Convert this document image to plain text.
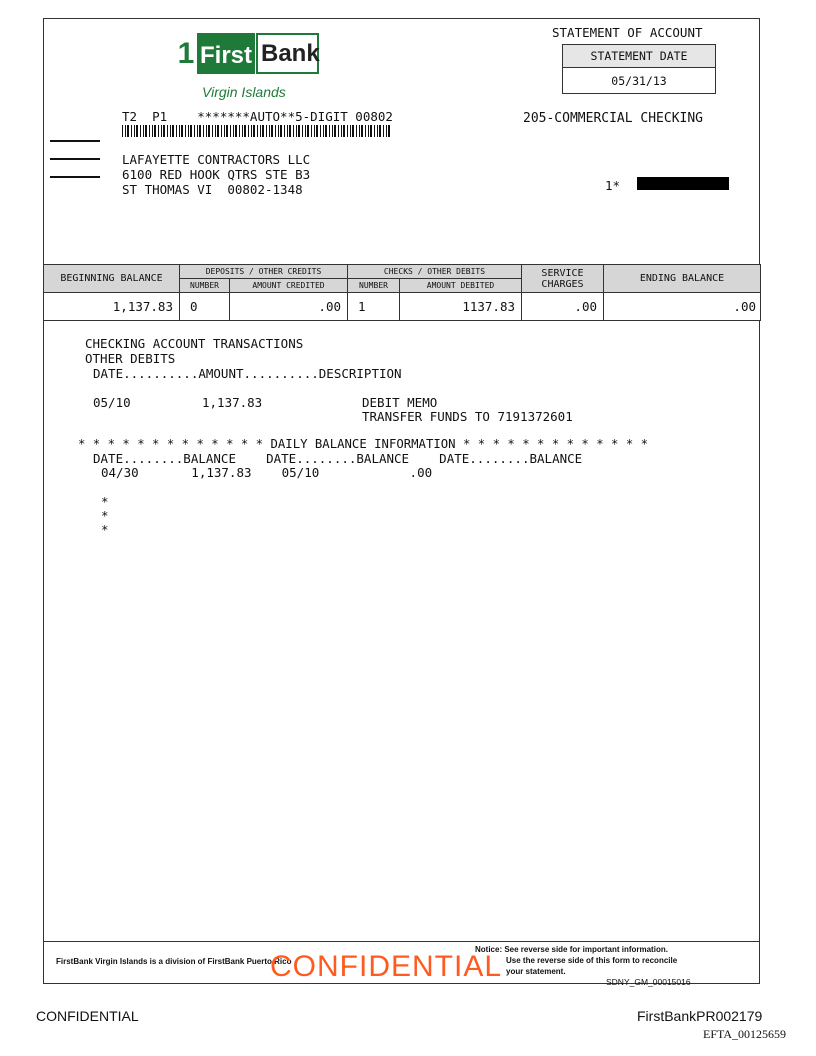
1 First Bank
Virgin Islands
STATEMENT OF ACCOUNT
STATEMENT DATE
05/31/13
205-COMMERCIAL CHECKING
T2  P1    *******AUTO**5-DIGIT 00802
LAFAYETTE CONTRACTORS LLC
6100 RED HOOK QTRS STE B3
ST THOMAS VI  00802-1348	1*
BEGINNING BALANCE	DEPOSITS / OTHER CREDITS		CHECKS / OTHER DEBITS		SERVICE CHARGES	ENDING BALANCE
	NUMBER	AMOUNT CREDITED	NUMBER	AMOUNT DEBITED		
1,137.83	0	.00	1	1137.83	.00	.00
CHECKING ACCOUNT TRANSACTIONS
OTHER DEBITS
DATE..........AMOUNT..........DESCRIPTION
05/10	1,137.83	DEBIT MEMO
TRANSFER FUNDS TO 7191372601
* * * * * * * * * * * * * DAILY BALANCE INFORMATION * * * * * * * * * * * * *
DATE........BALANCE    DATE........BALANCE    DATE........BALANCE
04/30       1,137.83    05/10            .00
*
*
*
FirstBank Virgin Islands is a division of FirstBank Puerto Rico
Notice: See reverse side for important information.
Use the reverse side of this form to reconcile
your statement.
SDNY_GM_00015016
CONFIDENTIAL
CONFIDENTIAL	FirstBankPR002179
EFTA_00125659
